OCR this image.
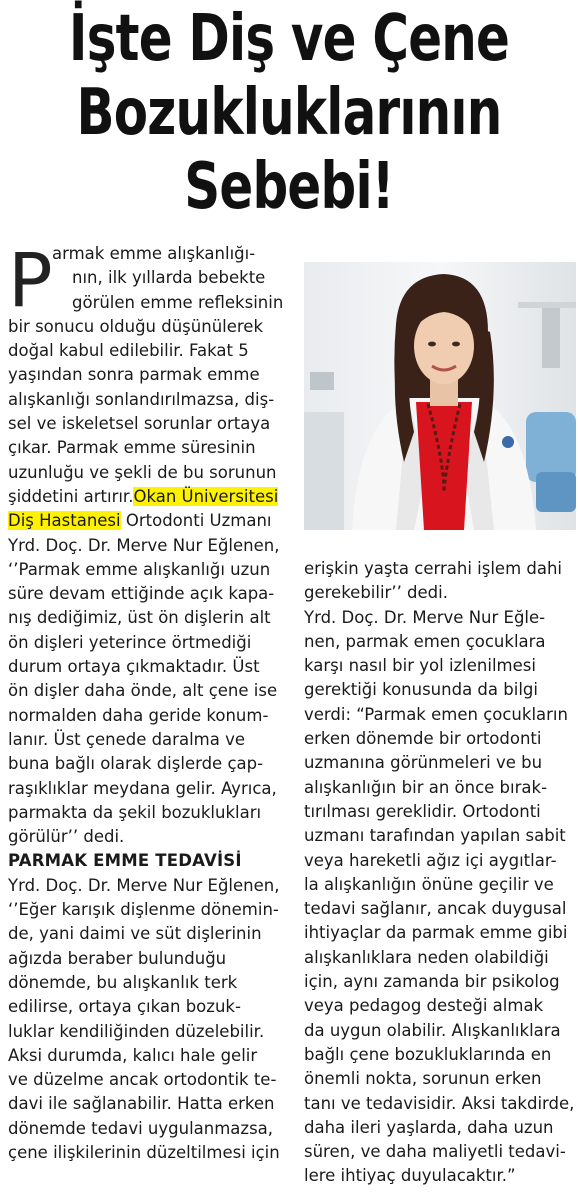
İşte Diş ve Çene
Bozukluklarının
Sebebi!
P armak emme alışkanlığı-
nın, ilk yıllarda bebekte
görülen emme refleksinin
bir sonucu olduğu düşünülerek
doğal kabul edilebilir. Fakat 5
yaşından sonra parmak emme
alışkanlığı sonlandırılmazsa, diş-
sel ve iskeletsel sorunlar ortaya
çıkar. Parmak emme süresinin
uzunluğu ve şekli de bu sorunun
şiddetini artırır.Okan Üniversitesi
Diş Hastanesi Ortodonti Uzmanı
Yrd. Doç. Dr. Merve Nur Eğlenen,
‘’Parmak emme alışkanlığı uzun
süre devam ettiğinde açık kapa-
nış dediğimiz, üst ön dişlerin alt
ön dişleri yeterince örtmediği
durum ortaya çıkmaktadır. Üst
ön dişler daha önde, alt çene ise
normalden daha geride konum-
lanır. Üst çenede daralma ve
buna bağlı olarak dişlerde çap-
raşıklıklar meydana gelir. Ayrıca,
parmakta da şekil bozuklukları
görülür’’ dedi.
PARMAK EMME TEDAVİSİ
Yrd. Doç. Dr. Merve Nur Eğlenen,
‘’Eğer karışık dişlenme dönemin-
de, yani daimi ve süt dişlerinin
ağızda beraber bulunduğu
dönemde, bu alışkanlık terk
edilirse, ortaya çıkan bozuk-
luklar kendiliğinden düzelebilir.
Aksi durumda, kalıcı hale gelir
ve düzelme ancak ortodontik te-
davi ile sağlanabilir. Hatta erken
dönemde tedavi uygulanmazsa,
çene ilişkilerinin düzeltilmesi için
erişkin yaşta cerrahi işlem dahi
gerekebilir’’ dedi.
Yrd. Doç. Dr. Merve Nur Eğle-
nen, parmak emen çocuklara
karşı nasıl bir yol izlenilmesi
gerektiği konusunda da bilgi
verdi: “Parmak emen çocukların
erken dönemde bir ortodonti
uzmanına görünmeleri ve bu
alışkanlığın bir an önce bırak-
tırılması gereklidir. Ortodonti
uzmanı tarafından yapılan sabit
veya hareketli ağız içi aygıtlar-
la alışkanlığın önüne geçilir ve
tedavi sağlanır, ancak duygusal
ihtiyaçlar da parmak emme gibi
alışkanlıklara neden olabildiği
için, aynı zamanda bir psikolog
veya pedagog desteği almak
da uygun olabilir. Alışkanlıklara
bağlı çene bozukluklarında en
önemli nokta, sorunun erken
tanı ve tedavisidir. Aksi takdirde,
daha ileri yaşlarda, daha uzun
süren, ve daha maliyetli tedavi-
lere ihtiyaç duyulacaktır.”
